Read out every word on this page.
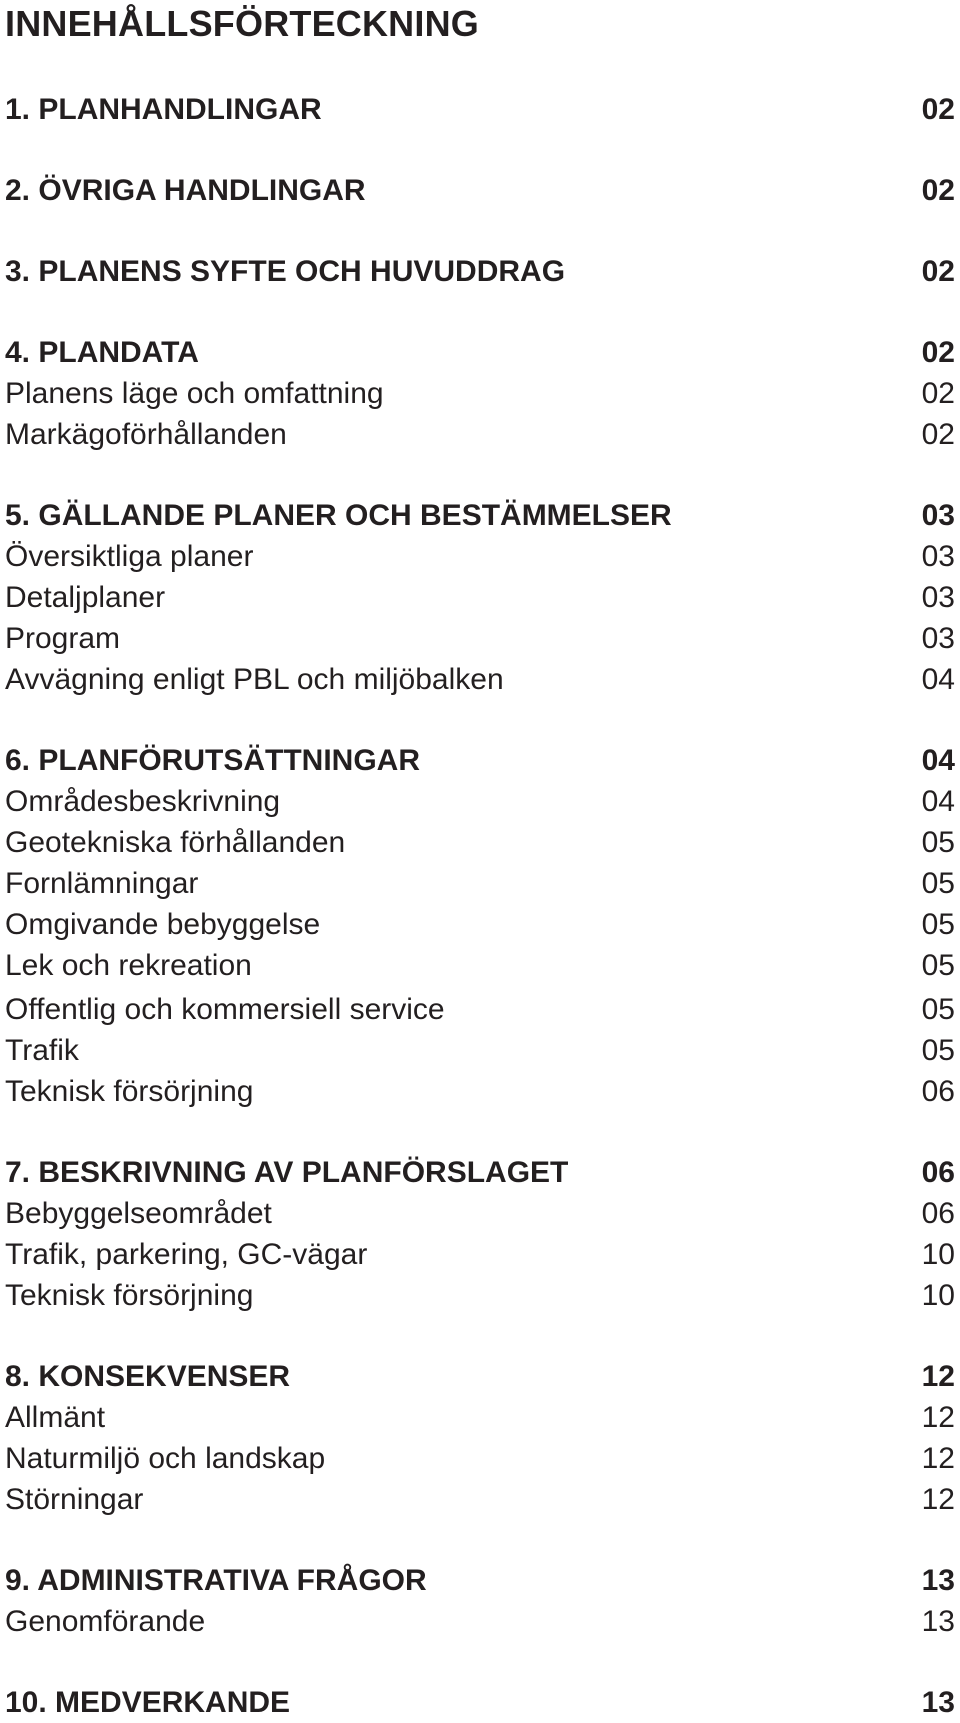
INNEHÅLLSFÖRTECKNING
1. PLANHANDLINGAR	02
2. ÖVRIGA HANDLINGAR	02
3. PLANENS SYFTE OCH HUVUDDRAG	02
4. PLANDATA	02
Planens läge och omfattning	02
Markägoförhållanden	02
5. GÄLLANDE PLANER OCH BESTÄMMELSER	03
Översiktliga planer	03
Detaljplaner	03
Program	03
Avvägning enligt PBL och miljöbalken	04
6. PLANFÖRUTSÄTTNINGAR	04
Områdesbeskrivning	04
Geotekniska förhållanden	05
Fornlämningar	05
Omgivande bebyggelse	05
Lek och rekreation	05
Offentlig och kommersiell service	05
Trafik	05
Teknisk försörjning	06
7. BESKRIVNING AV PLANFÖRSLAGET	06
Bebyggelseområdet	06
Trafik, parkering, GC-vägar	10
Teknisk försörjning	10
8. KONSEKVENSER	12
Allmänt	12
Naturmiljö och landskap	12
Störningar	12
9. ADMINISTRATIVA FRÅGOR	13
Genomförande	13
10. MEDVERKANDE	13
